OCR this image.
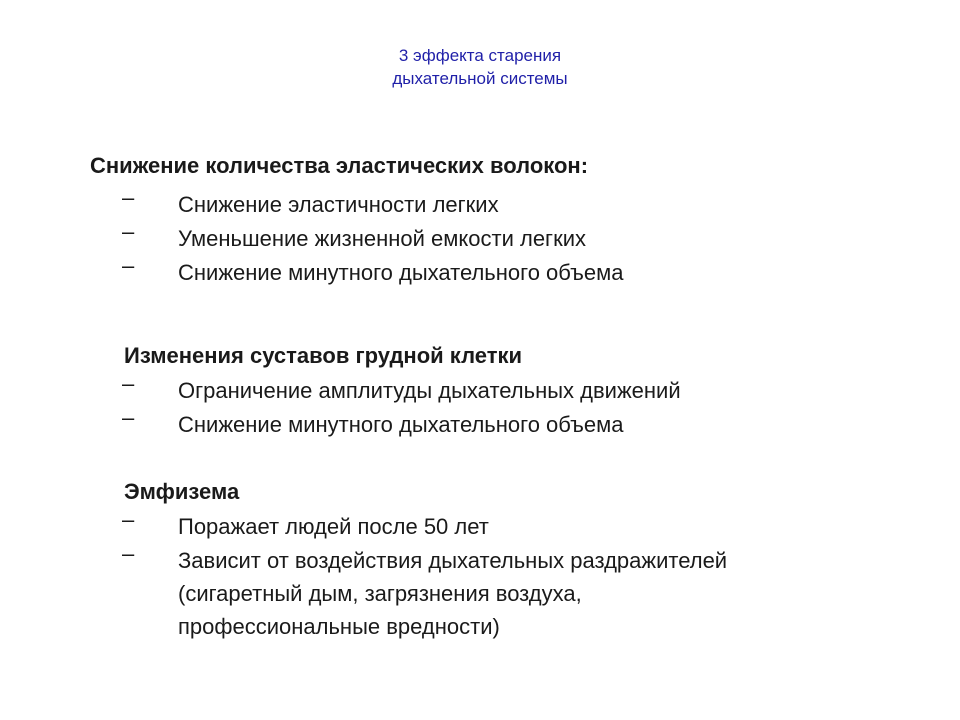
3 эффекта старения
дыхательной системы
Снижение количества эластических волокон:
– Снижение эластичности легких
– Уменьшение жизненной емкости легких
– Снижение минутного дыхательного объема
Изменения суставов грудной клетки
– Ограничение амплитуды дыхательных движений
– Снижение минутного дыхательного объема
Эмфизема
– Поражает людей после 50 лет
– Зависит от воздействия дыхательных раздражителей
(сигаретный дым, загрязнения воздуха,
профессиональные вредности)
